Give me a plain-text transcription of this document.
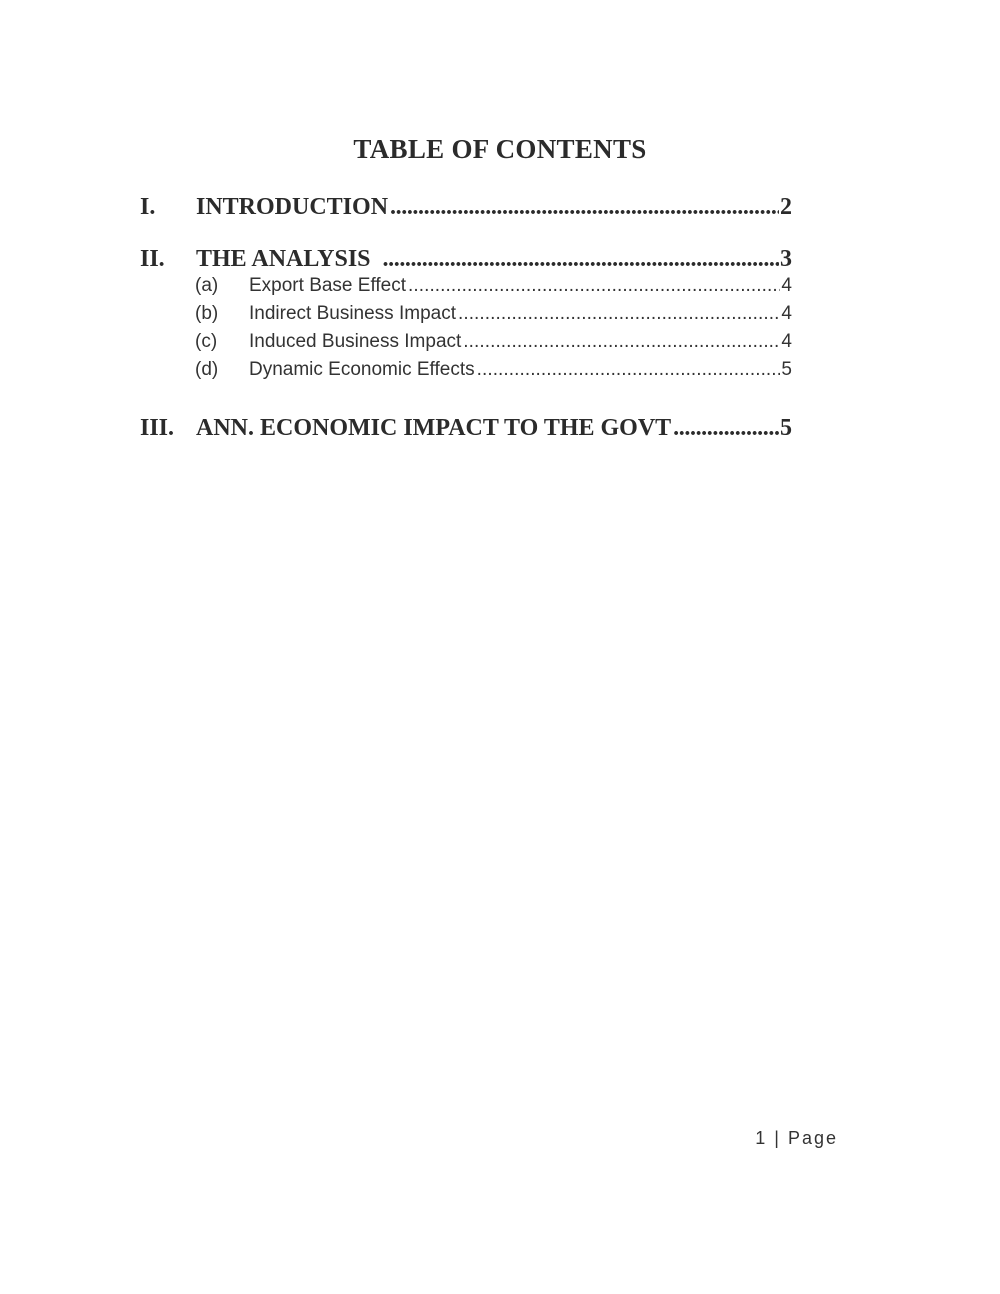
TABLE OF CONTENTS
I.	INTRODUCTION . . .	2
II.	THE ANALYSIS . . .	3
(a)	Export Base Effect . . .	4
(b)	Indirect Business Impact . . .	4
(c)	Induced Business Impact . . .	4
(d)	Dynamic Economic Effects . . .	5
III. ANN. ECONOMIC IMPACT TO THE GOVT . . .	5
1 | Page
